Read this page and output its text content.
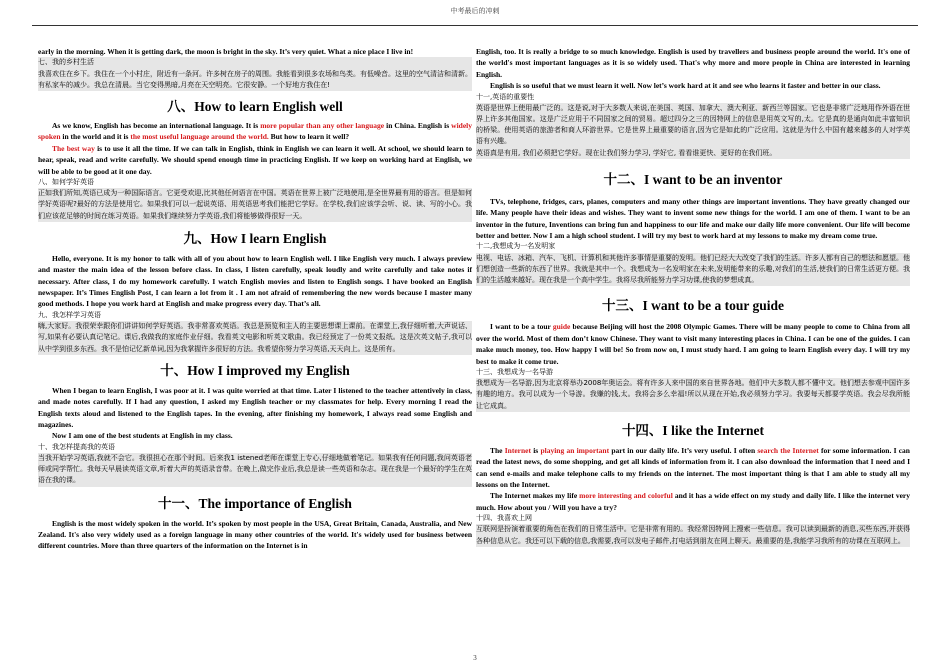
中考最后的冲刺

early in the morning. When it is getting dark, the moon is bright in the sky. It’s very quiet. What a nice place I live in!

七、我的乡村生活

我喜欢住在乡下。我住在一个小村庄，附近有一条河。许多树在房子的周围。我能看到很多农场和鸟类。有低噪音。这里的空气清洁和清新。有私家车的减少。我总在清晨。当它变得黑暗,月亮在天空明亮。它很安静。一个好地方我住在!

八、How to learn English well

As we know, English has become an international language. It is more popular than any other language in China. English is widely spoken in the world and it is the most useful language around the world. But how to learn it well?

The best way is to use it all the time. If we can talk in English, think in English we can learn it well. At school, we should learn to hear, speak, read and write carefully. We should spend enough time in practicing English. If we keep on working hard at English, we will be able to be good at it one day.

八、如何学好英语

正如我们所知,英语已成为一种国际语言。它更受欢迎,比其他任何语言在中国。英语在世界上被广泛地使用,是全世界最有用的语言。但是如何学好英语呢?最好的方法是使用它。如果我们可以一起说英语、用英语思考我们能把它学好。在学校,我们应该学会听、说、读、写的小心。我们应该花足够的时间在练习英语。如果我们继续努力学英语,我们将能够做得很好一天。

九、How I learn English

Hello, everyone. It is my honor to talk with all of you about how to learn English well. I like English very much. I always preview and master the main idea of the lesson before class. In class, I listen carefully, speak loudly and write carefully and take notes if necessary. After class, I do my homework carefully. I watch English movies and listen to English songs. I have booked an English newspaper. It’s Times English Post, I can learn a lot from it . I am not afraid of remembering the new words because I master many good methods. I hope you work hard at English and make progress every day. That’s all.

九、我怎样学习英语

嗨,大家好。我很荣幸跟你们讲讲如何学好英语。我非常喜欢英语。我总是预览和主人的主要思想课上课前。在课堂上,我仔细听着,大声说话、写,如果有必要认真记笔记。课后,我做我的家庭作业仔细。我看英文电影和听英文歌曲。我已经预定了一份英文报纸。这是次英文帖子,我可以从中学到很多东西。我不是怕记忆新单词,因为我掌握许多很好的方法。我希望你努力学习英语,天天向上。这是所有。

十、How I improved my English

When I began to learn English, I was poor at it. I was quite worried at that time. Later I listened to the teacher attentively in class, and made notes carefully. If I had any question, I asked my English teacher or my classmates for help. Every morning I read the English texts aloud and listened to the English tapes. In the evening, after finishing my homework, I always read some English and magazines.

Now I am one of the best students at English in my class.

十、我怎样提高我的英语

当我开始学习英语,我就不会它。我很担心在那个时间。后来我1 istened老师在课堂上专心,仔细地做着笔记。如果我有任何问题,我问英语老师或同学帮忙。我每天早晨读英语文章,听着大声的英语录音带。在晚上,做完作业后,我总是读一些英语和杂志。现在我是一个最好的学生在英语在我的课。

十一、The importance of English

English is the most widely spoken in the world. It’s spoken by most people in the USA, Great Britain, Canada, Australia, and New Zealand. It's also very widely used as a foreign language in many other countries of the world. It's widely used for business between different countries. More than three quarters of the information on the Internet is in

English, too. It is really a bridge to so much knowledge. English is used by travellers and business people around the world. It's one of the world's most important languages as it is so widely used. That's why more and more people in China are interested in learning English.

English is so useful that we must learn it well. Now let’s work hard at it and see who learns it faster and better in our class.

十一,英语的重要性

英语是世界上使用最广泛的。这是说,对于大多数人来说,在美国、英国、加拿大、澳大利亚、新西兰等国家。它也是非常广泛地用作外语在世界上许多其他国家。这是广泛应用于不同国家之间的贸易。超过四分之三的因特网上的信息是用英文写的,太。它是真的是通向如此丰富知识的桥梁。使用英语的旅游者和商人环游世界。它是世界上最重要的语言,因为它是如此的广泛应用。这就是为什么中国有越来越多的人对学英语有兴趣。

英语真是有用, 我们必须把它学好。现在让我们努力学习, 学好它, 看看谁更快、更好的在我们班。

十二、I want to be an inventor

TVs, telephone, fridges, cars, planes, computers and many other things are important inventions. They have greatly changed our life. Many people have their ideas and wishes. They want to invent some new things for the world. I am one of them. I want to be an inventor in the future, Inventions can bring fun and happiness to our life and make our daily life more convenient. Our life will become better and better. Now I am a high school student. I will try my best to work hard at my lessons to make my dream come true.

十二,我想成为一名发明家

电视、电话、冰箱、汽车、飞机、计算机和其他许多事情是重要的发明。他们已经大大改变了我们的生活。许多人都有自己的想法和愿望。他们想创造一些新的东西了世界。我就是其中一个。我想成为一名发明家在未来,发明能带来的乐趣,对我们的生活,使我们的日常生活更方便。我们的生活越来越好。现在我是一个高中学生。我将尽我所能努力学习功课,使我的梦想成真。

十三、I want to be a tour guide

I want to be a tour guide because Beijing will host the 2008 Olympic Games. There will be many people to come to China from all over the world. Most of them don’t know Chinese. They want to visit many interesting places in China. I can be one of the guides. I can make much money, too. How happy I will be! So from now on, I must study hard. I am going to learn English every day. I will try my best to make it come true.

十三、我想成为一名导游

我想成为一名导游,因为北京将举办2008年奥运会。将有许多人来中国的来自世界各地。他们中大多数人都不懂中文。他们想去参观中国许多有趣的地方。我可以成为一个导游。我赚的钱,太。我将会多么幸福!所以从现在开始,我必须努力学习。我要每天都要学英语。我会尽我所能让它成真。

十四、I like the Internet

The Internet is playing an important part in our daily life. It’s very useful. I often search the Internet for some information. I can read the latest news, do some shopping, and get all kinds of information from it. I can also download the information that I need and I can send e-mails and make telephone calls to my friends on the internet. The most important thing is that I am able to study all my lessons on the Internet.

The Internet makes my life more interesting and colorful and it has a wide effect on my study and daily life. I like the internet very much. How about you / Will you have a try?

十四、我喜欢上网

互联网是扮演着重要的角色在我们的日常生活中。它是非常有用的。我经常因特网上搜索一些信息。我可以读到最新的消息,买些东西,并获得各种信息从它。我还可以下载的信息,我需要,我可以发电子邮件,打电话到朋友在网上聊天。最重要的是,我能学习我所有的功课在互联网上。

3
